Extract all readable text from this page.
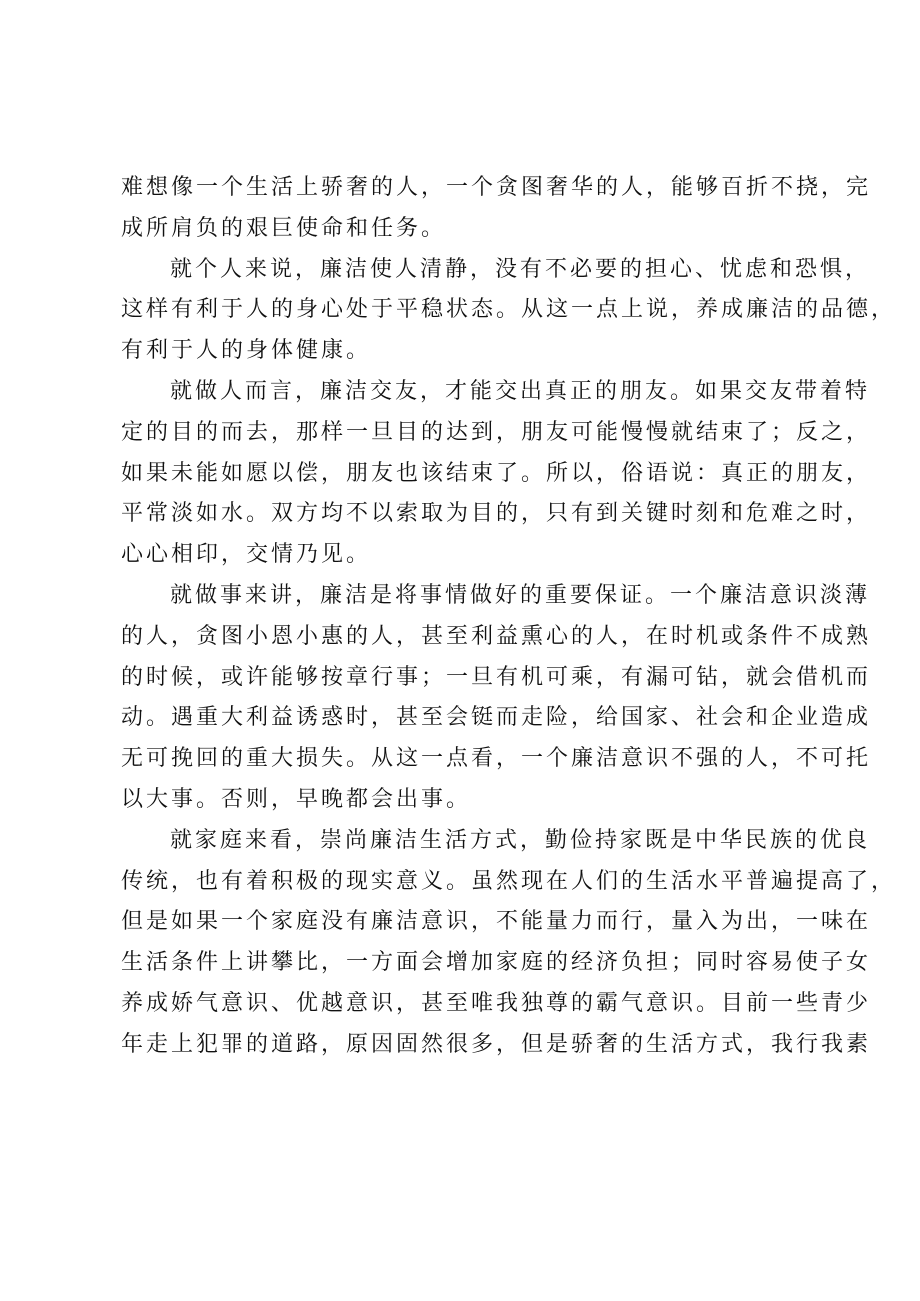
难想像一个生活上骄奢的人，一个贪图奢华的人，能够百折不挠，完
成所肩负的艰巨使命和任务。
就个人来说，廉洁使人清静，没有不必要的担心、忧虑和恐惧，
这样有利于人的身心处于平稳状态。从这一点上说，养成廉洁的品德，
有利于人的身体健康。
就做人而言，廉洁交友，才能交出真正的朋友。如果交友带着特
定的目的而去，那样一旦目的达到，朋友可能慢慢就结束了；反之，
如果未能如愿以偿，朋友也该结束了。所以，俗语说：真正的朋友，
平常淡如水。双方均不以索取为目的，只有到关键时刻和危难之时，
心心相印，交情乃见。
就做事来讲，廉洁是将事情做好的重要保证。一个廉洁意识淡薄
的人，贪图小恩小惠的人，甚至利益熏心的人，在时机或条件不成熟
的时候，或许能够按章行事；一旦有机可乘，有漏可钻，就会借机而
动。遇重大利益诱惑时，甚至会铤而走险，给国家、社会和企业造成
无可挽回的重大损失。从这一点看，一个廉洁意识不强的人，不可托
以大事。否则，早晚都会出事。
就家庭来看，崇尚廉洁生活方式，勤俭持家既是中华民族的优良
传统，也有着积极的现实意义。虽然现在人们的生活水平普遍提高了，
但是如果一个家庭没有廉洁意识，不能量力而行，量入为出，一味在
生活条件上讲攀比，一方面会增加家庭的经济负担；同时容易使子女
养成娇气意识、优越意识，甚至唯我独尊的霸气意识。目前一些青少
年走上犯罪的道路，原因固然很多，但是骄奢的生活方式，我行我素
